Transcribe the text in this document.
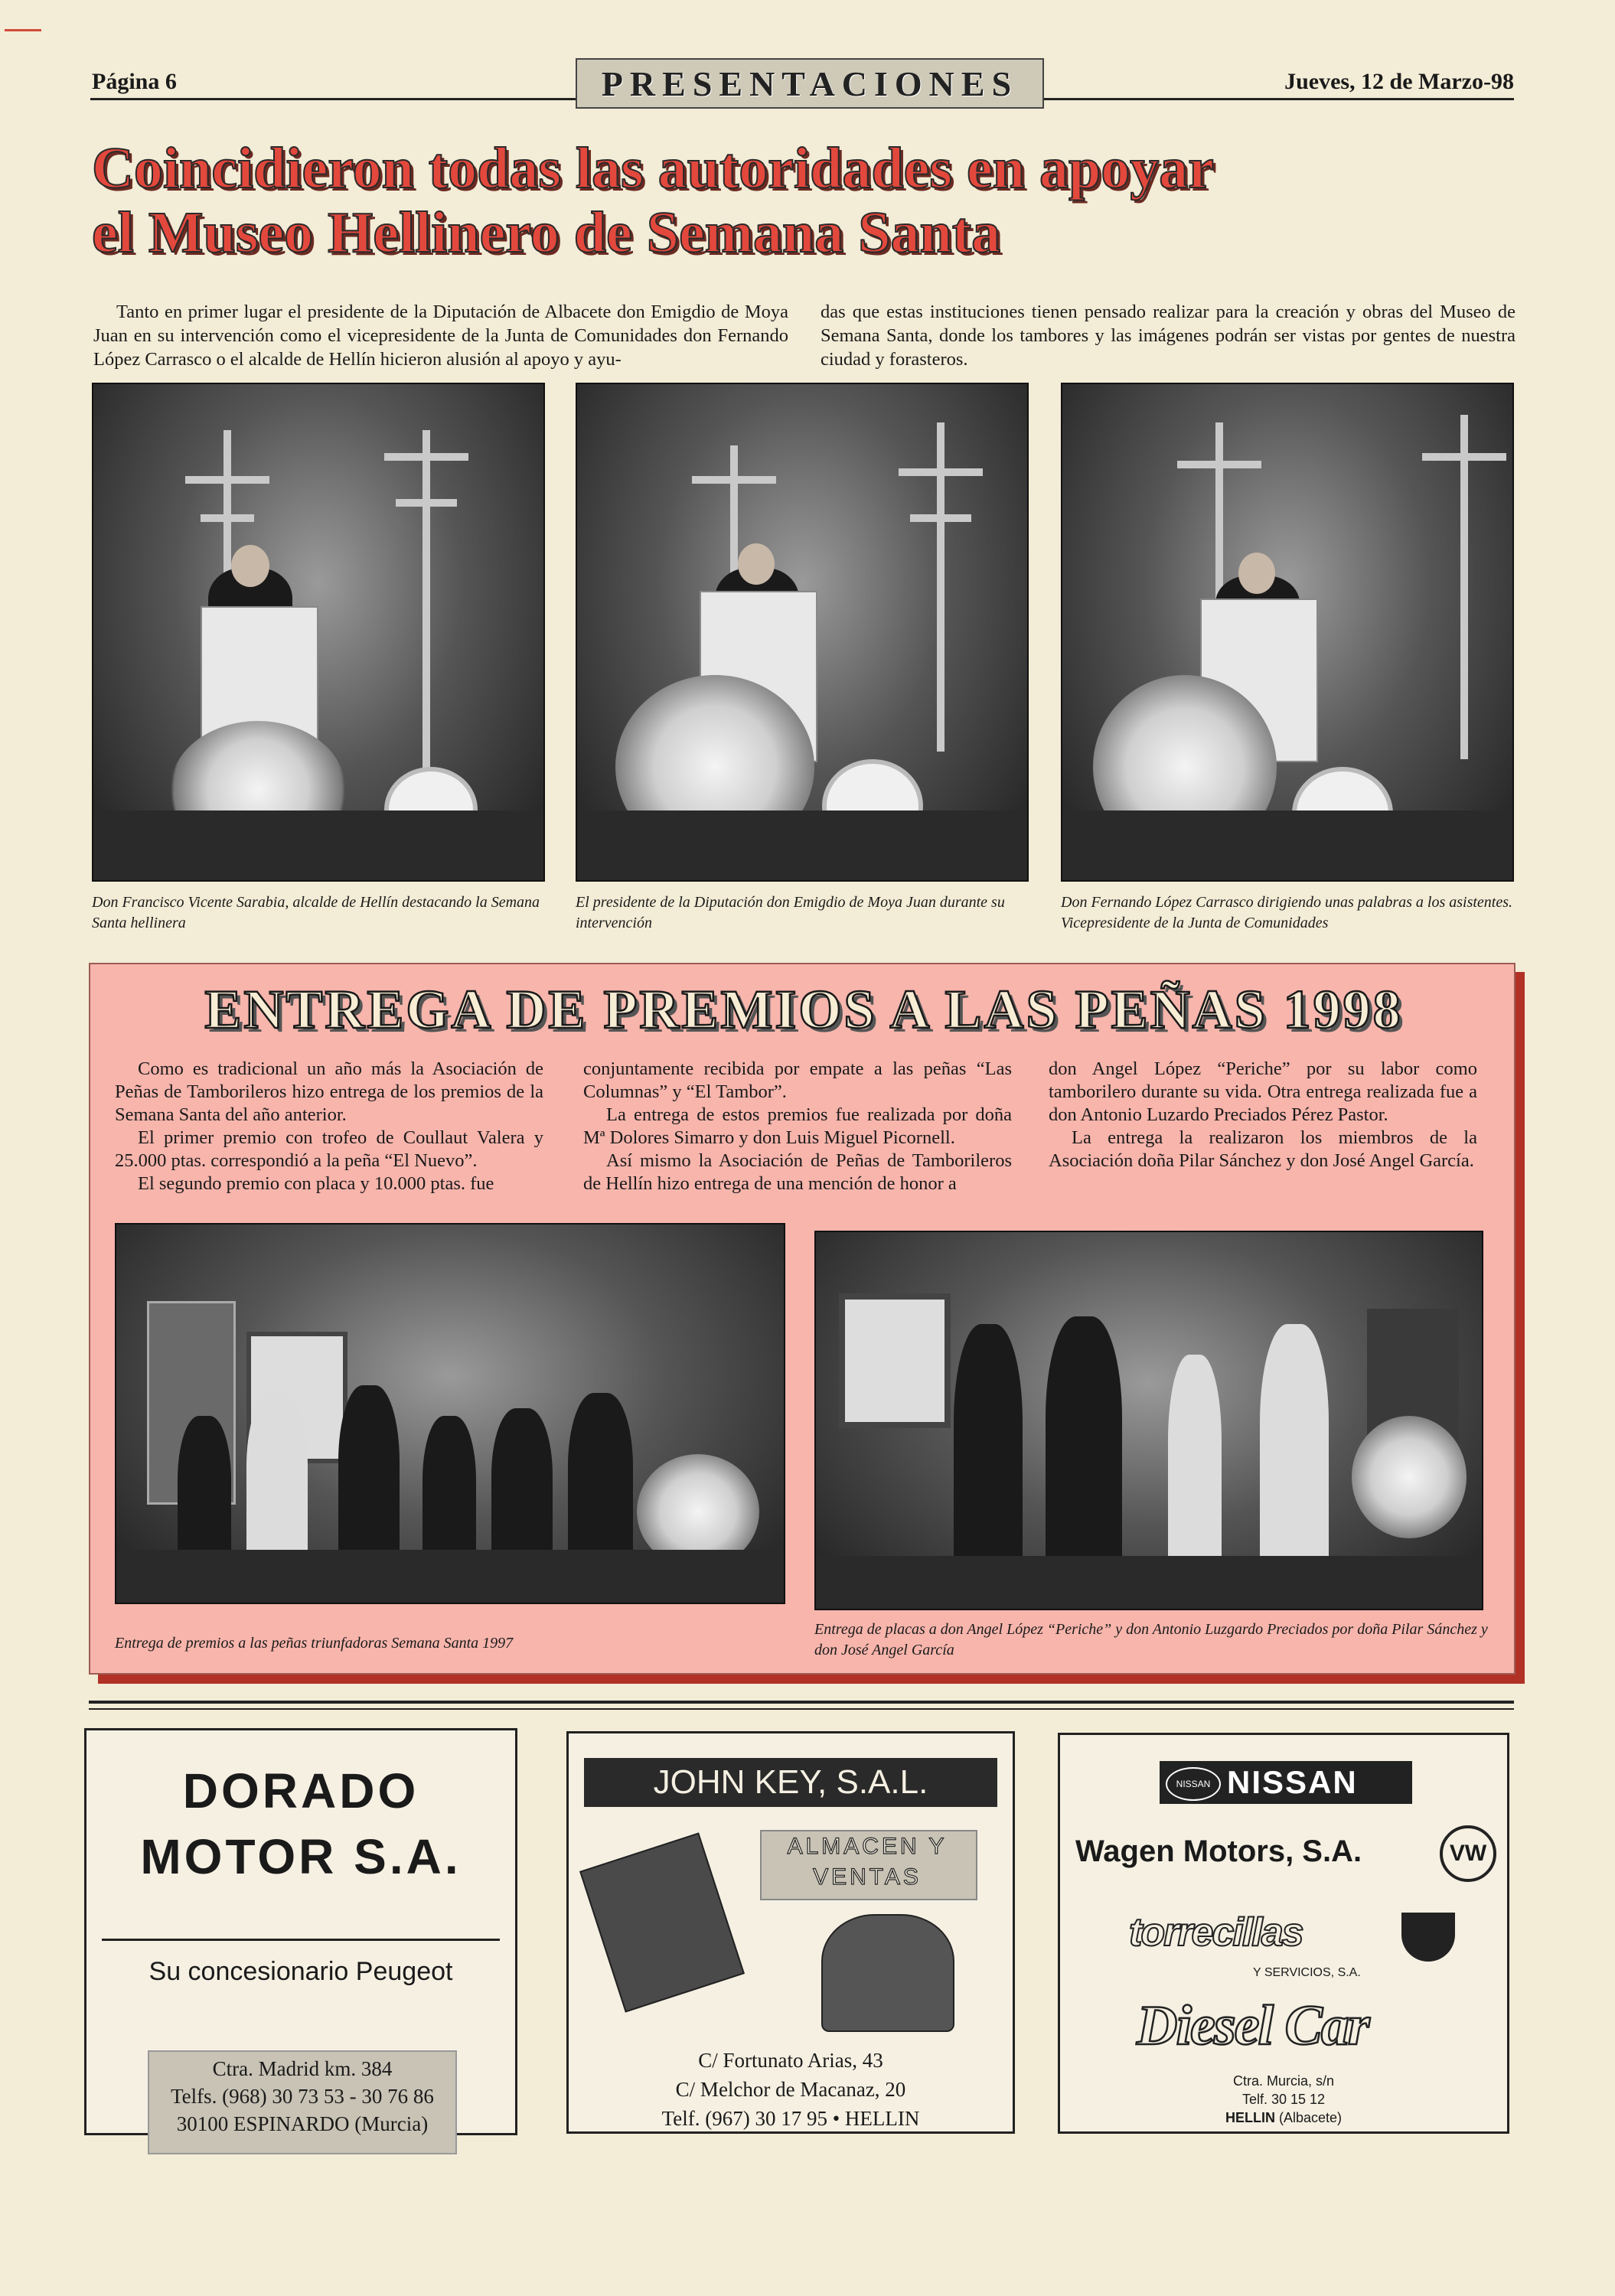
Página 6	PRESENTACIONES	Jueves, 12 de Marzo-98
Coincidieron todas las autoridades en apoyar
el Museo Hellinero de Semana Santa
Tanto en primer lugar el presidente de la Diputación de Albacete don Emigdio de Moya Juan en su intervención como el vicepresidente de la Junta de Comunidades don Fernando López Carrasco o el alcalde de Hellín hicieron alusión al apoyo y ayu-
das que estas instituciones tienen pensado realizar para la creación y obras del Museo de Semana Santa, donde los tambores y las imágenes podrán ser vistas por gentes de nuestra ciudad y forasteros.
Don Francisco Vicente Sarabia, alcalde de Hellín destacando la Semana Santa hellinera
El presidente de la Diputación don Emigdio de Moya Juan durante su intervención
Don Fernando López Carrasco dirigiendo unas palabras a los asistentes. Vicepresidente de la Junta de Comunidades
ENTREGA DE PREMIOS A LAS PEÑAS 1998

Como es tradicional un año más la Asociación de Peñas de Tamborileros hizo entrega de los premios de la Semana Santa del año anterior.

El primer premio con trofeo de Coullaut Valera y 25.000 ptas. correspondió a la peña “El Nuevo”.

El segundo premio con placa y 10.000 ptas. fue

conjuntamente recibida por empate a las peñas “Las Columnas” y “El Tambor”.

La entrega de estos premios fue realizada por doña Mª Dolores Simarro y don Luis Miguel Picornell.

Así mismo la Asociación de Peñas de Tamborileros de Hellín hizo entrega de una mención de honor a

don Angel López “Periche” por su labor como tamborilero durante su vida. Otra entrega realizada fue a don Antonio Luzardo Preciados Pérez Pastor.

La entrega la realizaron los miembros de la Asociación doña Pilar Sánchez y don José Angel García.

Entrega de premios a las peñas triunfadoras Semana Santa 1997
Entrega de placas a don Angel López “Periche” y don Antonio Luzgardo Preciados por doña Pilar Sánchez y don José Angel García
DORADO
MOTOR S.A.
Su concesionario Peugeot
Ctra. Madrid km. 384
Telfs. (968) 30 73 53 - 30 76 86
30100 ESPINARDO (Murcia)
JOHN KEY, S.A.L.
ALMACEN Y
VENTAS
C/ Fortunato Arias, 43
C/ Melchor de Macanaz, 20
Telf. (967) 30 17 95 • HELLIN
NISSAN NISSAN
Wagen Motors, S.A.	VW
torrecillas
Y SERVICIOS, S.A.
Diesel Car
Ctra. Murcia, s/n
Telf. 30 15 12
HELLIN (Albacete)
